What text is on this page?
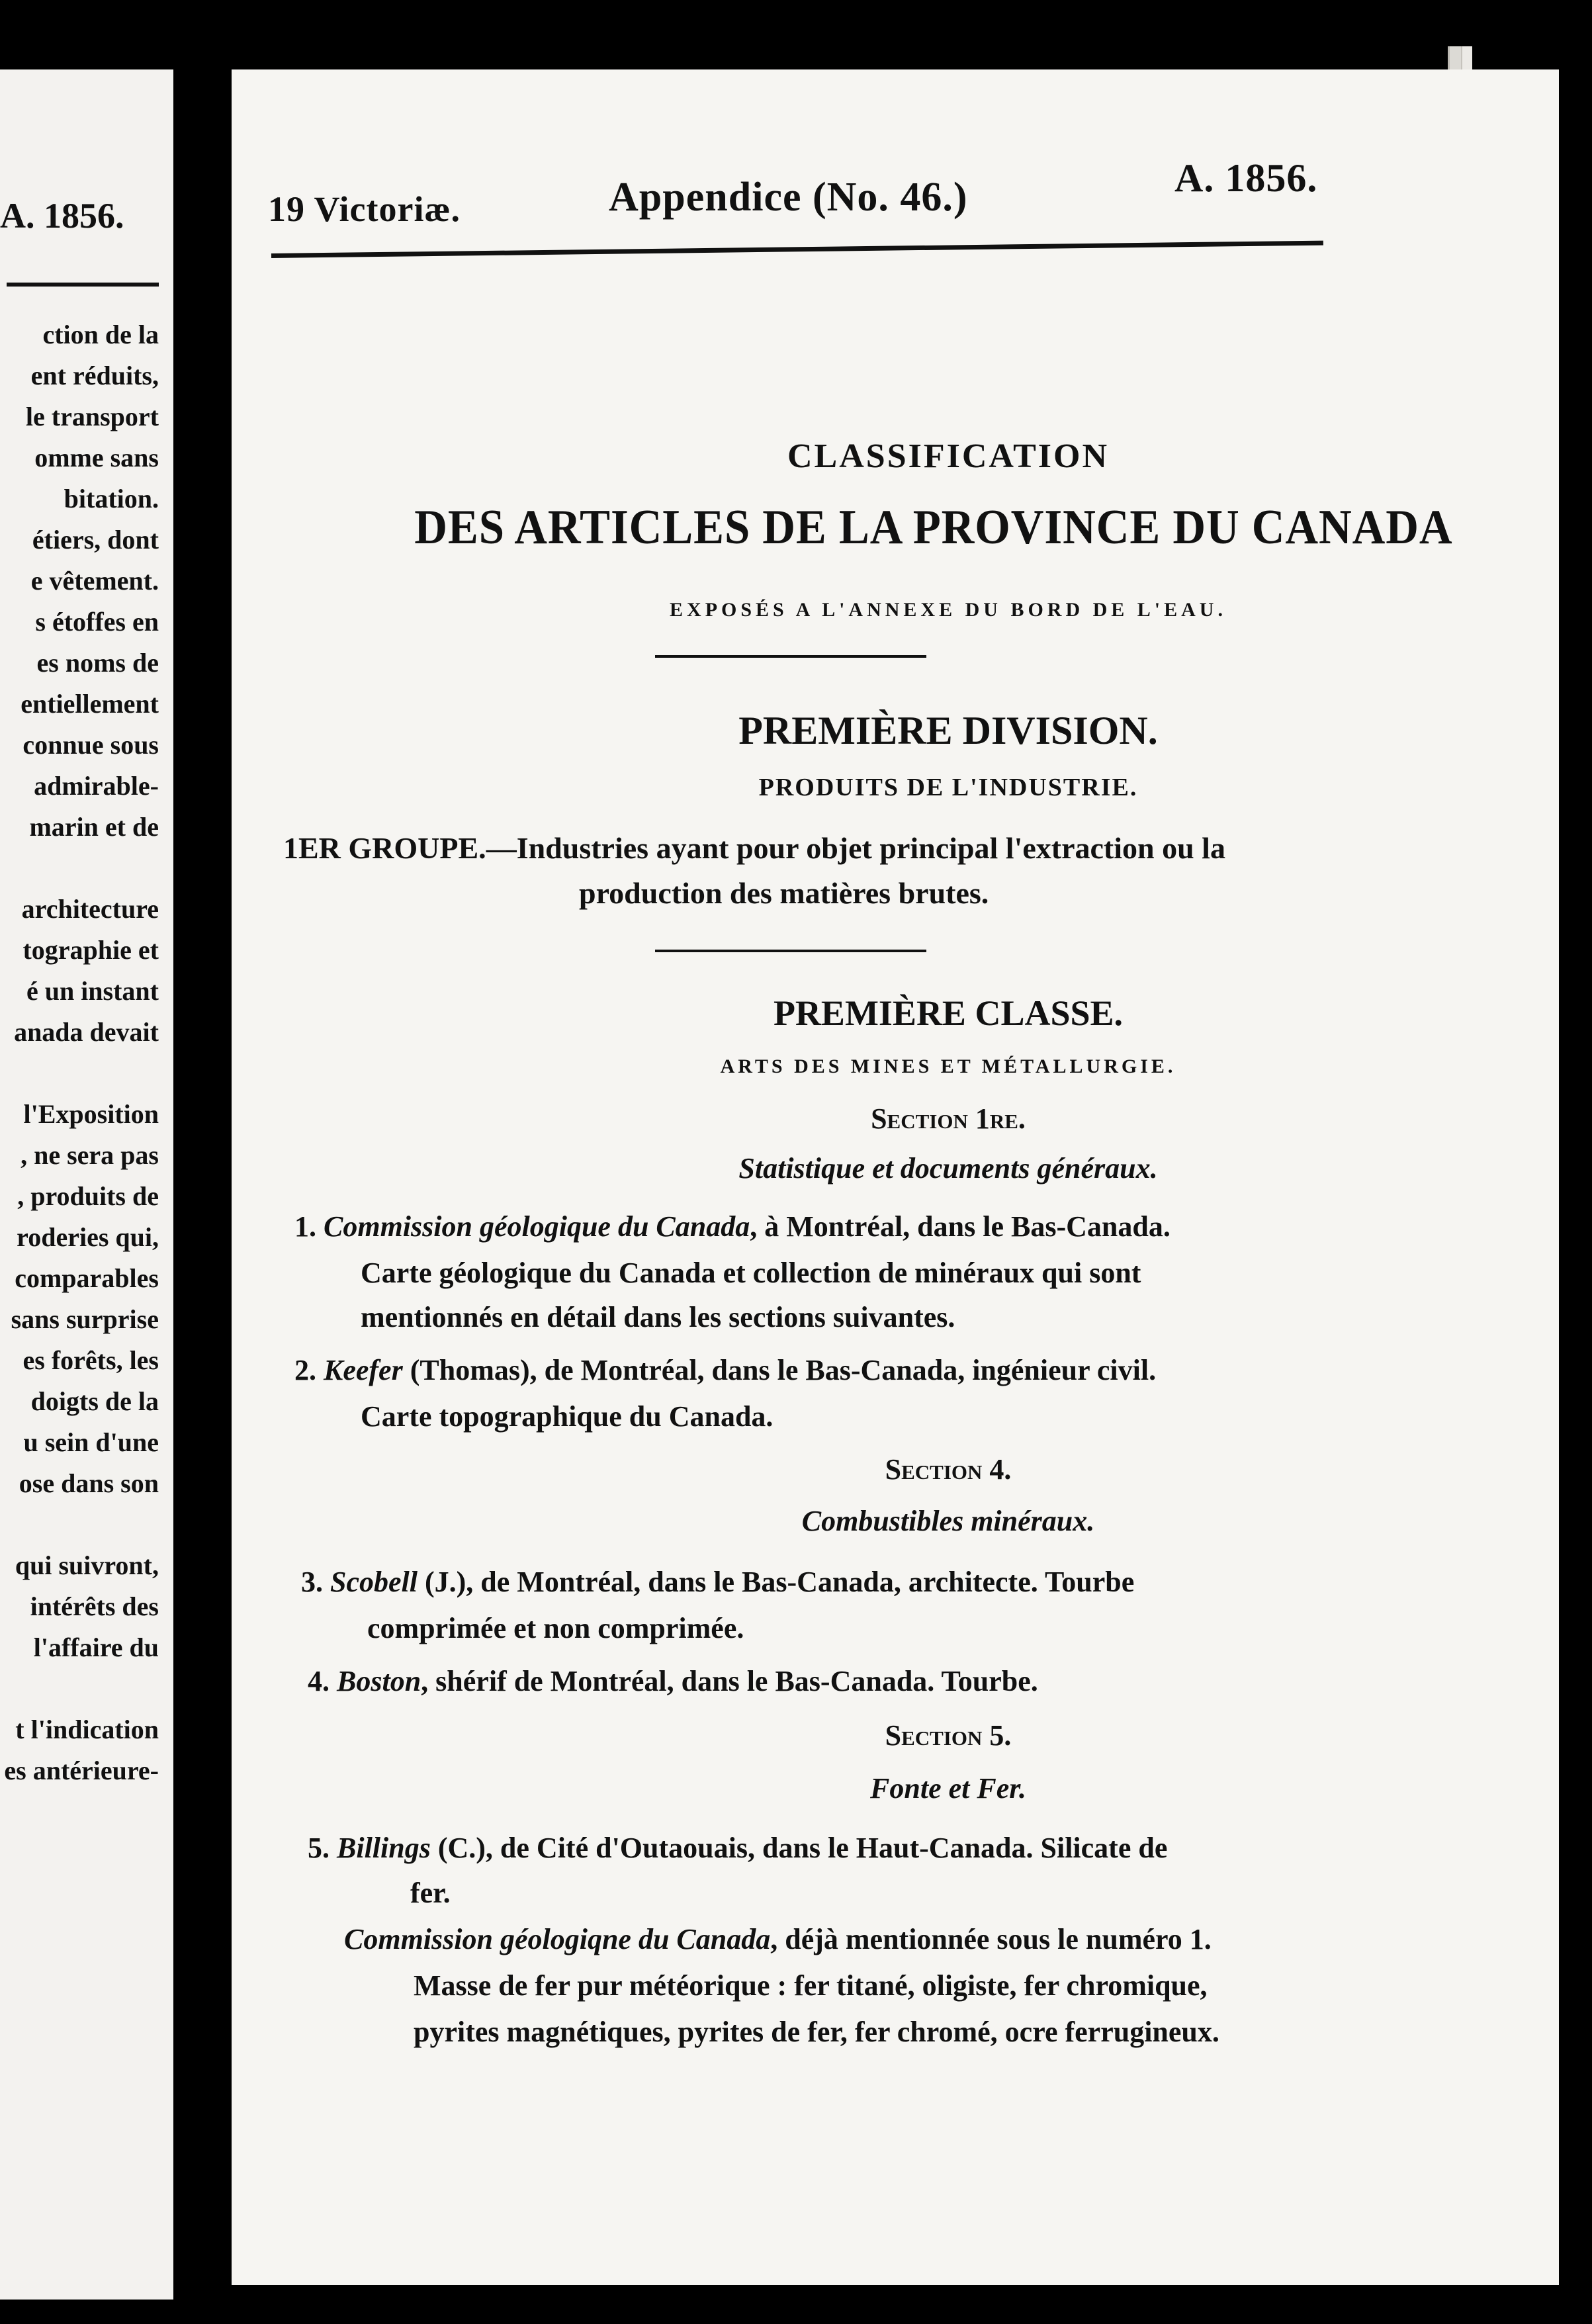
A. 1856.
ction de la
ent réduits,
le transport
omme sans
bitation.
étiers, dont
e vêtement.
s étoffes en
es noms de
entiellement
connue sous
admirable-
marin et de

architecture
tographie et
é un instant
anada devait

l'Exposition
, ne sera pas
, produits de
roderies qui,
comparables
sans surprise
es forêts, les
doigts de la
u sein d'une
ose dans son

qui suivront,
intérêts des
l'affaire du

t l'indication
es antérieure-
19 Victoriæ.	Appendice (No. 46.)	A. 1856.
CLASSIFICATION
DES ARTICLES DE LA PROVINCE DU CANADA
EXPOSÉS A L'ANNEXE DU BORD DE L'EAU.
PREMIÈRE DIVISION.
PRODUITS DE L'INDUSTRIE.
1ER GROUPE.—Industries ayant pour objet principal l'extraction ou la
production des matières brutes.
PREMIÈRE CLASSE.
ARTS DES MINES ET MÉTALLURGIE.
Section 1re.
Statistique et documents généraux.
1. Commission géologique du Canada, à Montréal, dans le Bas-Canada.
Carte géologique du Canada et collection de minéraux qui sont
mentionnés en détail dans les sections suivantes.
2. Keefer (Thomas), de Montréal, dans le Bas-Canada, ingénieur civil.
Carte topographique du Canada.
Section 4.
Combustibles minéraux.
3. Scobell (J.), de Montréal, dans le Bas-Canada, architecte. Tourbe
comprimée et non comprimée.
4. Boston, shérif de Montréal, dans le Bas-Canada. Tourbe.
Section 5.
Fonte et Fer.
5. Billings (C.), de Cité d'Outaouais, dans le Haut-Canada. Silicate de
fer.
Commission géologiqne du Canada, déjà mentionnée sous le numéro 1.
Masse de fer pur météorique : fer titané, oligiste, fer chromique,
pyrites magnétiques, pyrites de fer, fer chromé, ocre ferrugineux.
